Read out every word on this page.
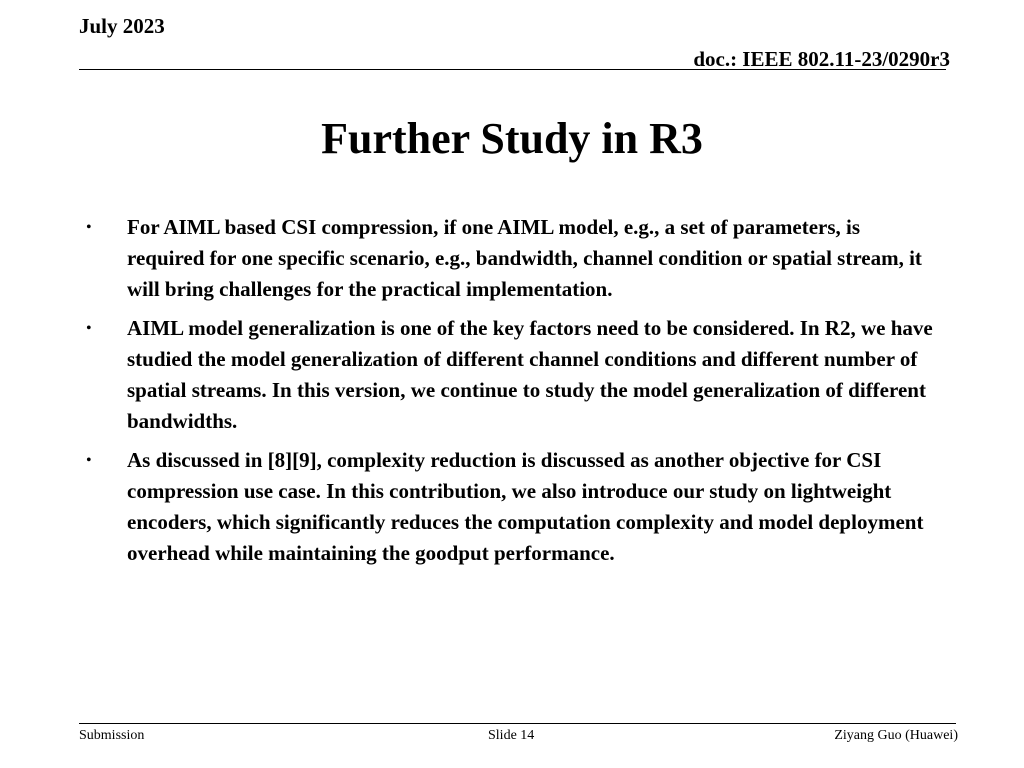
July 2023
doc.: IEEE 802.11-23/0290r3
Further Study in R3
• For AIML based CSI compression, if one AIML model, e.g., a set of parameters, is required for one specific scenario, e.g., bandwidth, channel condition or spatial stream, it will bring challenges for the practical implementation.
• AIML model generalization is one of the key factors need to be considered. In R2, we have studied the model generalization of different channel conditions and different number of spatial streams. In this version, we continue to study the model generalization of different bandwidths.
• As discussed in [8][9], complexity reduction is discussed as another objective for CSI compression use case. In this contribution, we also introduce our study on lightweight encoders, which significantly reduces the computation complexity and model deployment overhead while maintaining the goodput performance.
Submission	Slide 14	Ziyang Guo (Huawei)
